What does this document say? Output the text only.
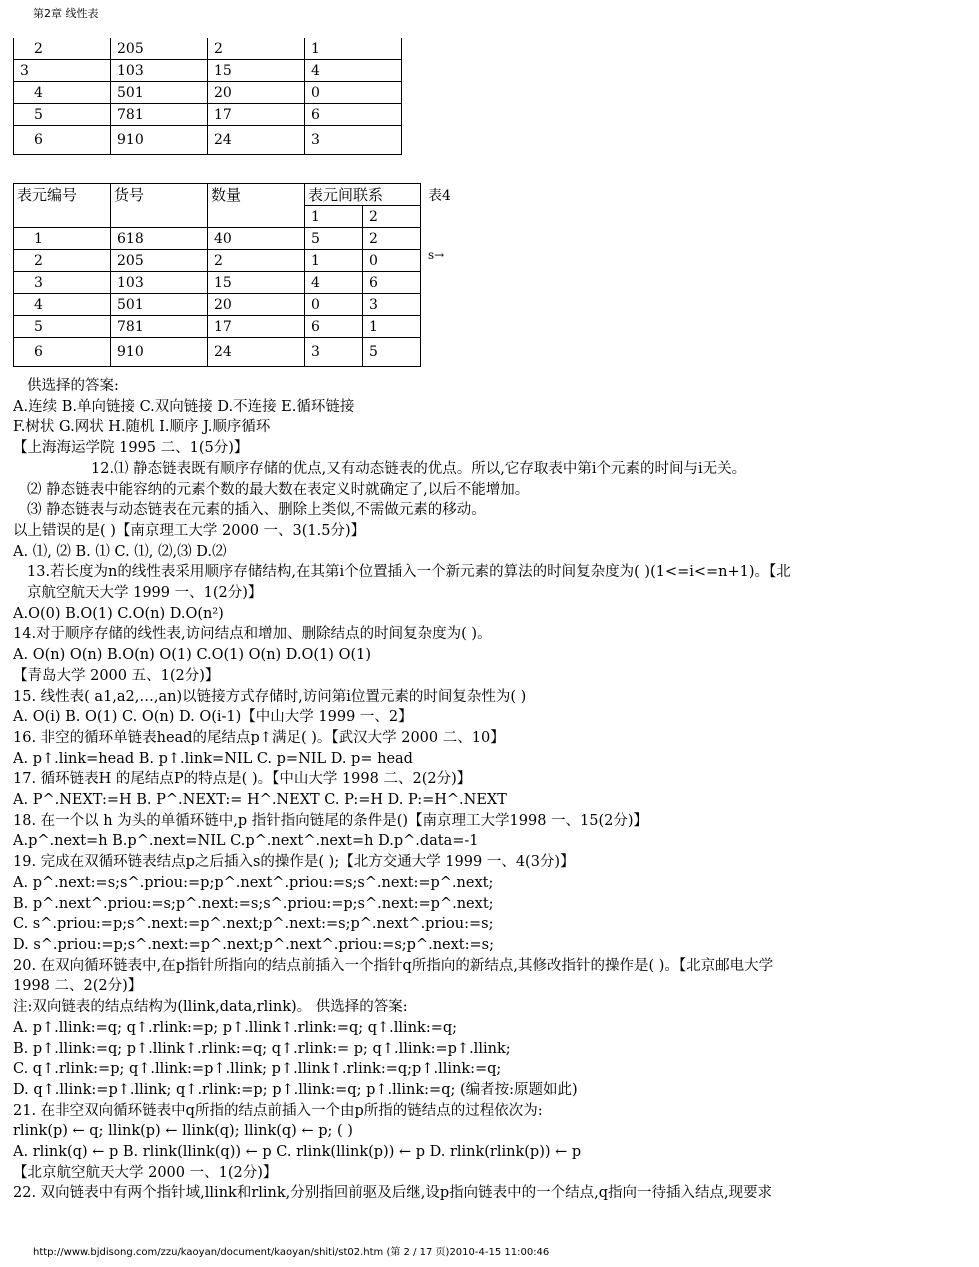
第2章 线性表
2	205	2	1
3	103	15	4
4	501	20	0
5	781	17	6
6	910	24	3
表元编号	货号	数量	表元间联系	
			1	2
1	618	40	5	2
2	205	2	1	0
3	103	15	4	6
4	501	20	0	3
5	781	17	6	1
6	910	24	3	5
表4
s→
供选择的答案:
A.连续 B.单向链接 C.双向链接 D.不连接 E.循环链接
F.树状 G.网状 H.随机 I.顺序 J.顺序循环
【上海海运学院 1995 二、1(5分)】
12.⑴ 静态链表既有顺序存储的优点,又有动态链表的优点。所以,它存取表中第i个元素的时间与i无关。
⑵ 静态链表中能容纳的元素个数的最大数在表定义时就确定了,以后不能增加。
⑶ 静态链表与动态链表在元素的插入、删除上类似,不需做元素的移动。
以上错误的是( )【南京理工大学 2000 一、3(1.5分)】
A. ⑴, ⑵ B. ⑴ C. ⑴, ⑵,⑶ D.⑵
13.若长度为n的线性表采用顺序存储结构,在其第i个位置插入一个新元素的算法的时间复杂度为( )(1<=i<=n+1)。【北
京航空航天大学 1999 一、1(2分)】
A.O(0) B.O(1) C.O(n) D.O(n²)
14.对于顺序存储的线性表,访问结点和增加、删除结点的时间复杂度为( )。
A. O(n) O(n) B.O(n) O(1) C.O(1) O(n) D.O(1) O(1)
【青岛大学 2000 五、1(2分)】
15. 线性表( a1,a2,…,an)以链接方式存储时,访问第i位置元素的时间复杂性为( )
A. O(i) B. O(1) C. O(n) D. O(i-1)【中山大学 1999 一、2】
16. 非空的循环单链表head的尾结点p↑满足( )。【武汉大学 2000 二、10】
A. p↑.link=head B. p↑.link=NIL C. p=NIL D. p= head
17. 循环链表H 的尾结点P的特点是( )。【中山大学 1998 二、2(2分)】
A. P^.NEXT:=H B. P^.NEXT:= H^.NEXT C. P:=H D. P:=H^.NEXT
18. 在一个以 h 为头的单循环链中,p 指针指向链尾的条件是()【南京理工大学1998 一、15(2分)】
A.p^.next=h B.p^.next=NIL C.p^.next^.next=h D.p^.data=-1
19. 完成在双循环链表结点p之后插入s的操作是( );【北方交通大学 1999 一、4(3分)】
A. p^.next:=s;s^.priou:=p;p^.next^.priou:=s;s^.next:=p^.next;
B. p^.next^.priou:=s;p^.next:=s;s^.priou:=p;s^.next:=p^.next;
C. s^.priou:=p;s^.next:=p^.next;p^.next:=s;p^.next^.priou:=s;
D. s^.priou:=p;s^.next:=p^.next;p^.next^.priou:=s;p^.next:=s;
20. 在双向循环链表中,在p指针所指向的结点前插入一个指针q所指向的新结点,其修改指针的操作是( )。【北京邮电大学
1998 二、2(2分)】
注:双向链表的结点结构为(llink,data,rlink)。 供选择的答案:
A. p↑.llink:=q; q↑.rlink:=p; p↑.llink↑.rlink:=q; q↑.llink:=q;
B. p↑.llink:=q; p↑.llink↑.rlink:=q; q↑.rlink:= p; q↑.llink:=p↑.llink;
C. q↑.rlink:=p; q↑.llink:=p↑.llink; p↑.llink↑.rlink:=q;p↑.llink:=q;
D. q↑.llink:=p↑.llink; q↑.rlink:=p; p↑.llink:=q; p↑.llink:=q; (编者按:原题如此)
21. 在非空双向循环链表中q所指的结点前插入一个由p所指的链结点的过程依次为:
rlink(p) ← q; llink(p) ← llink(q); llink(q) ← p; ( )
A. rlink(q) ← p B. rlink(llink(q)) ← p C. rlink(llink(p)) ← p D. rlink(rlink(p)) ← p
【北京航空航天大学 2000 一、1(2分)】
22. 双向链表中有两个指针域,llink和rlink,分别指回前驱及后继,设p指向链表中的一个结点,q指向一待插入结点,现要求
http://www.bjdisong.com/zzu/kaoyan/document/kaoyan/shiti/st02.htm (第 2 / 17 页)2010-4-15 11:00:46
